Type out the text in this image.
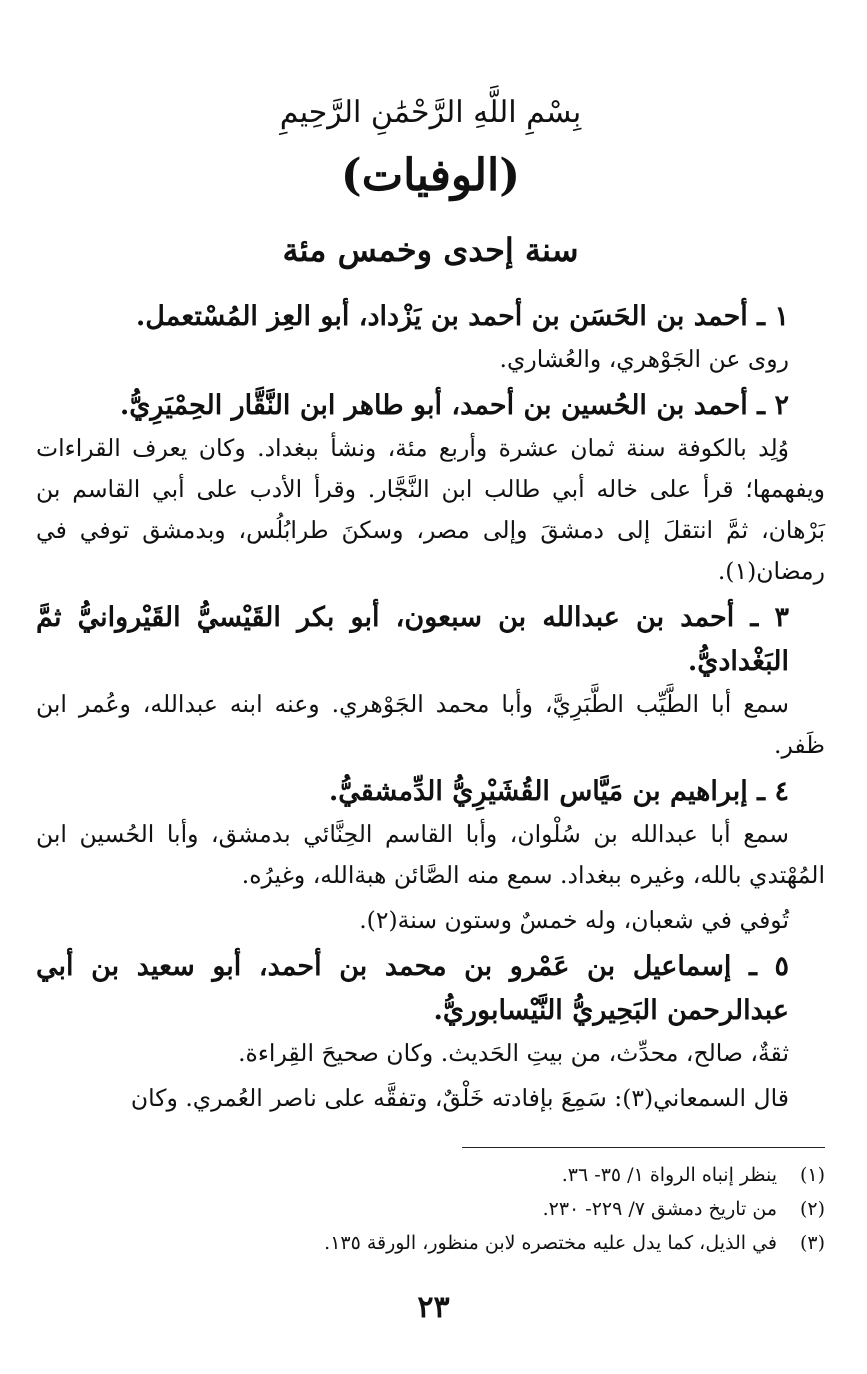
بِسْمِ اللَّهِ الرَّحْمَٰنِ الرَّحِيمِ
(الوفيات)
سنة إحدى وخمس مئة

١ ـ أحمد بن الحَسَن بن أحمد بن يَزْداد، أبو العِز المُسْتعمل.

روى عن الجَوْهري، والعُشاري.

٢ ـ أحمد بن الحُسين بن أحمد، أبو طاهر ابن النَّقَّار الحِمْيَرِيُّ.

وُلِد بالكوفة سنة ثمان عشرة وأربع مئة، ونشأ ببغداد. وكان يعرف القراءات ويفهمها؛ قرأ على خاله أبي طالب ابن النَّجَّار. وقرأ الأدب على أبي القاسم بن بَرْهان، ثمَّ انتقلَ إلى دمشقَ وإلى مصر، وسكنَ طرابُلُس، وبدمشق توفي في رمضان(١).

٣ ـ أحمد بن عبدالله بن سبعون، أبو بكر القَيْسيُّ القَيْروانيُّ ثمَّ البَغْداديُّ.

سمع أبا الطَّيِّب الطَّبَرِيَّ، وأبا محمد الجَوْهري. وعنه ابنه عبدالله، وعُمر ابن ظَفر.

٤ ـ إبراهيم بن مَيَّاس القُشَيْرِيُّ الدِّمشقيُّ.

سمع أبا عبدالله بن سُلْوان، وأبا القاسم الحِنَّائي بدمشق، وأبا الحُسين ابن المُهْتدي بالله، وغيره ببغداد. سمع منه الصَّائن هبةالله، وغيرُه.

تُوفي في شعبان، وله خمسٌ وستون سنة(٢).

٥ ـ إسماعيل بن عَمْرو بن محمد بن أحمد، أبو سعيد بن أبي عبدالرحمن البَحِيريُّ النَّيْسابوريُّ.

ثقةٌ، صالح، محدِّث، من بيتِ الحَديث. وكان صحيحَ القِراءة.

قال السمعاني(٣): سَمِعَ بإفادته خَلْقٌ، وتفقَّه على ناصر العُمري. وكان

(١)
ينظر إنباه الرواة ١/ ٣٥- ٣٦.
(٢)
من تاريخ دمشق ٧/ ٢٢٩- ٢٣٠.
(٣)
في الذيل، كما يدل عليه مختصره لابن منظور، الورقة ١٣٥.
٢٣
